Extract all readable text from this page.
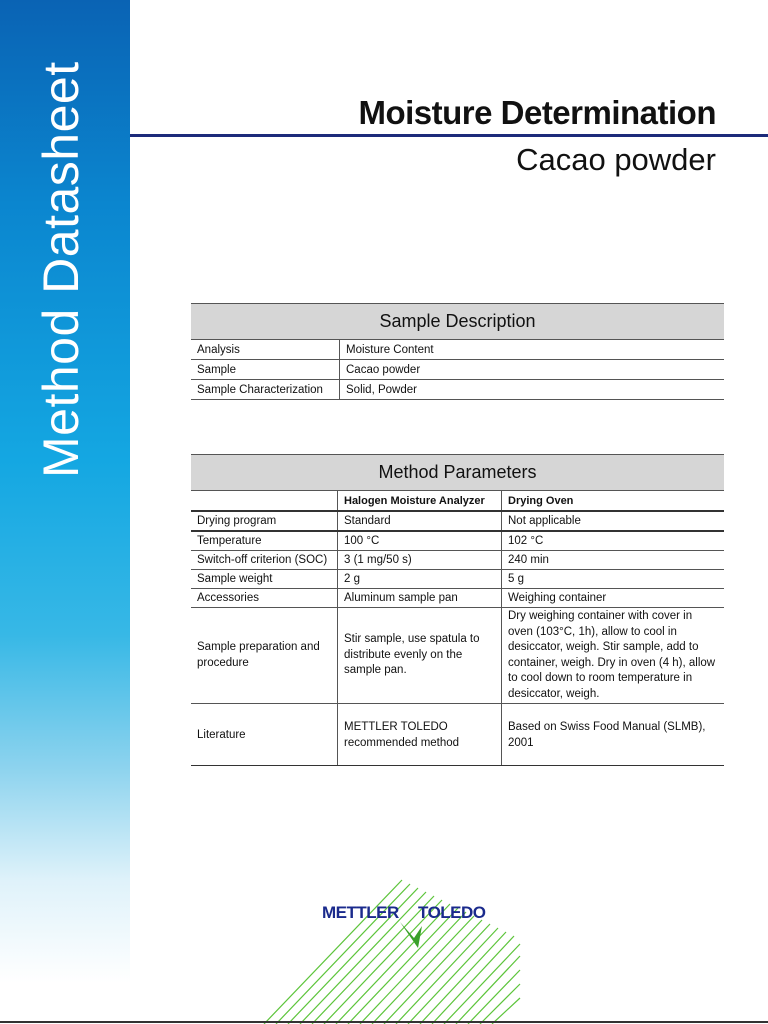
Method Datasheet	Moisture Determination
Cacao powder
Sample Description	
Analysis	Moisture Content
Sample	Cacao powder
Sample Characterization	Solid, Powder
Method Parameters		
	Halogen Moisture Analyzer	Drying Oven
Drying program	Standard	Not applicable
Temperature	100 °C	102 °C
Switch-off criterion (SOC)	3 (1 mg/50 s)	240 min
Sample weight	2 g	5 g
Accessories	Aluminum sample pan	Weighing container
Sample preparation and procedure	Stir sample, use spatula to distribute evenly on the sample pan.	Dry weighing container with cover in oven (103°C, 1h), allow to cool in desiccator, weigh. Stir sample, add to container, weigh. Dry in oven (4 h), allow to cool down to room temperature in desiccator, weigh.
Literature	METTLER TOLEDO recommended method	Based on Swiss Food Manual (SLMB), 2001
METTLER TOLEDO
